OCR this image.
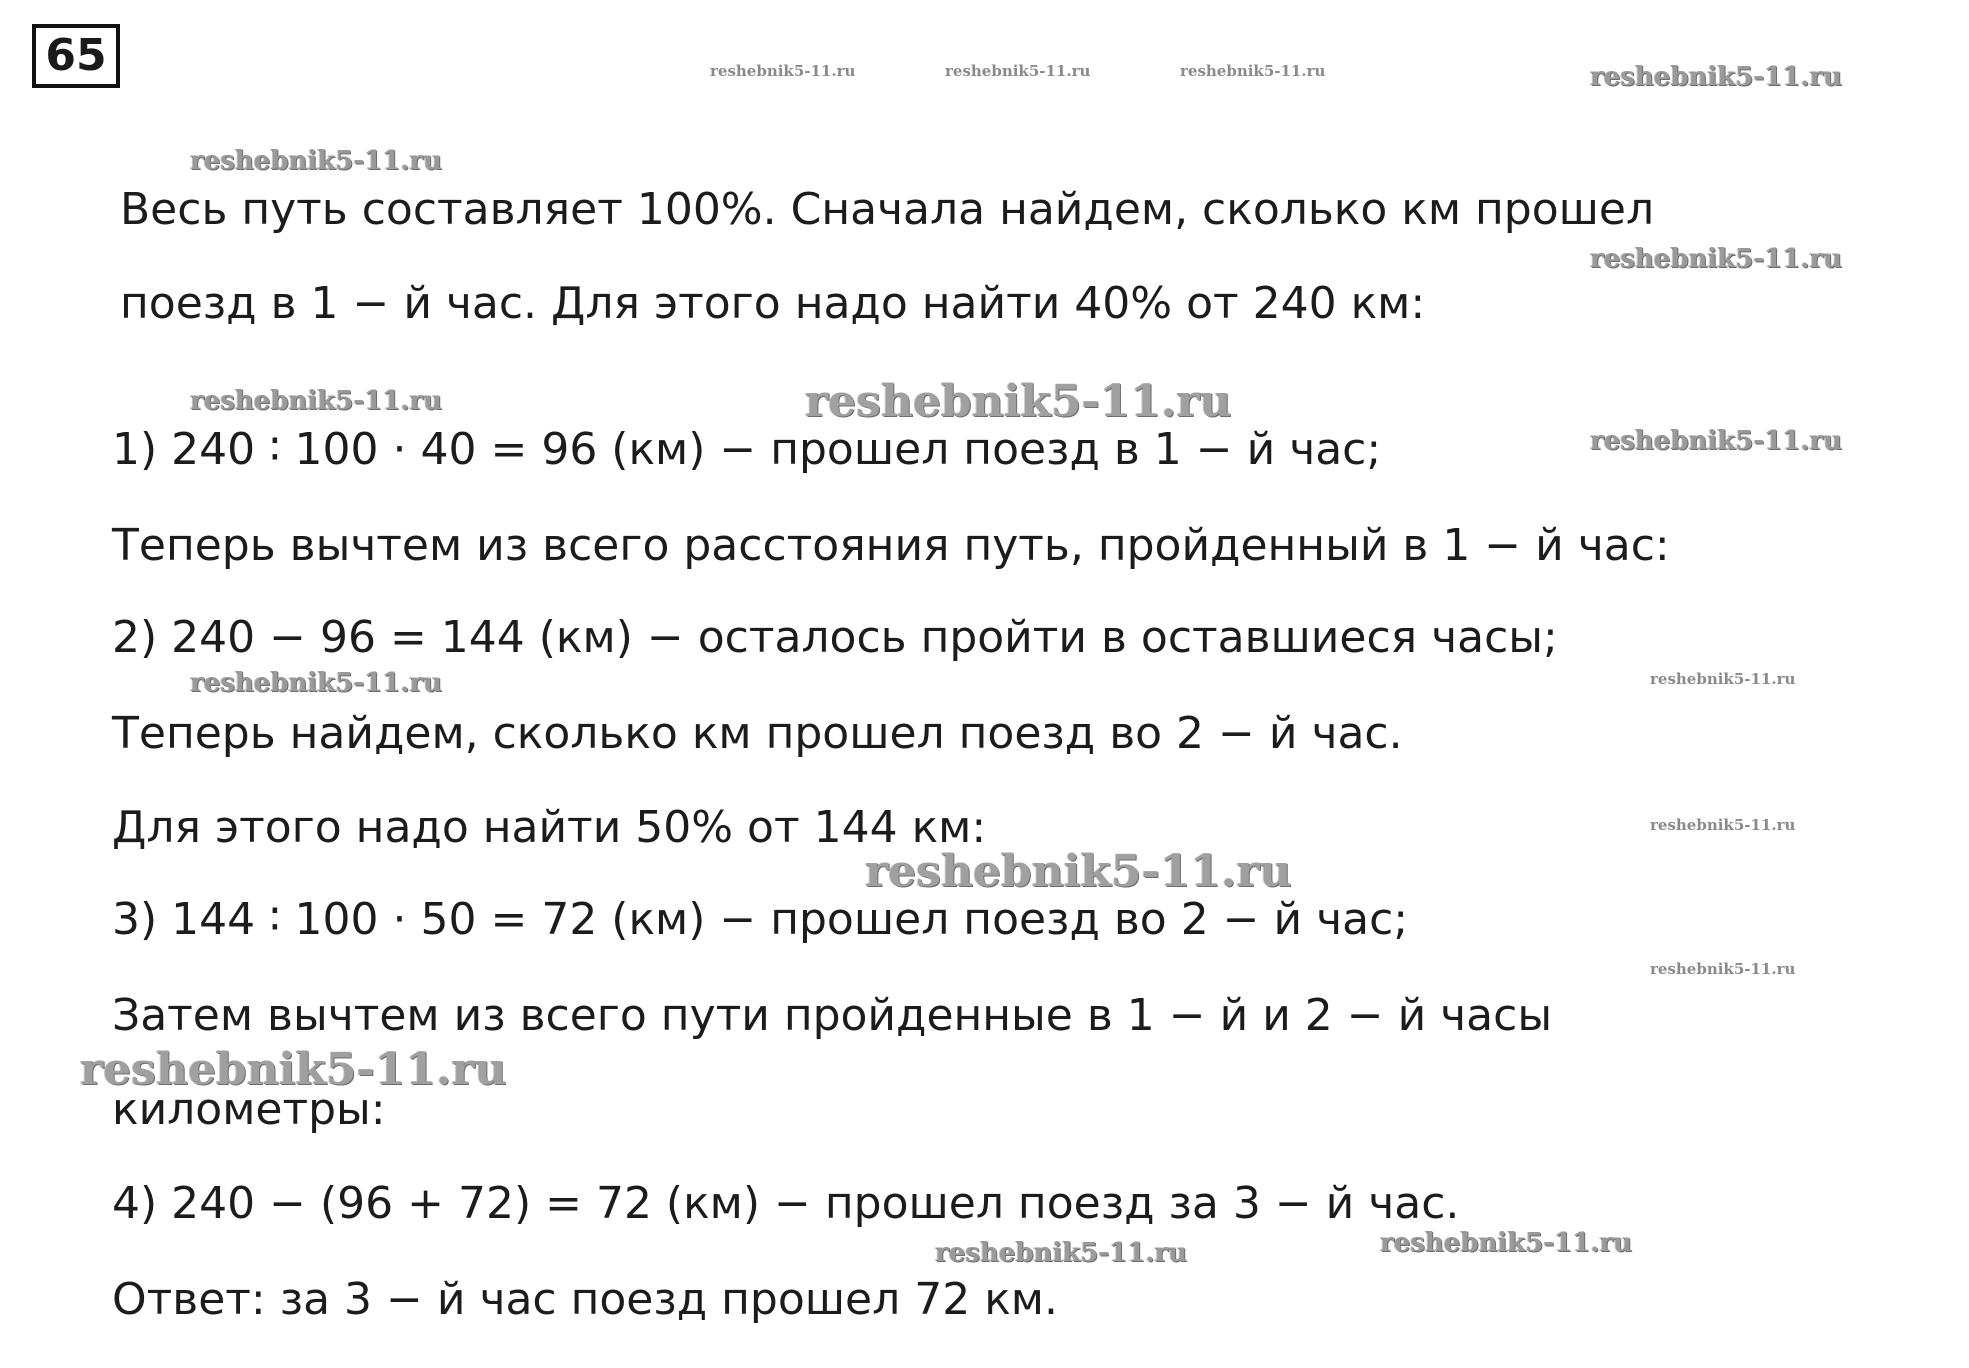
65	reshebnik5-11.ru	reshebnik5-11.ru	reshebnik5-11.ru	reshebnik5-11.ru
reshebnik5-11.ru
reshebnik5-11.ru
reshebnik5-11.ru	reshebnik5-11.ru
reshebnik5-11.ru
reshebnik5-11.ru	reshebnik5-11.ru
reshebnik5-11.ru
reshebnik5-11.ru
reshebnik5-11.ru
reshebnik5-11.ru
reshebnik5-11.ru	reshebnik5-11.ru
Весь путь составляет 100%. Сначала найдем, сколько км прошел
поезд в 1 − й час. Для этого надо найти 40% от 240 км:
1) 240 ∶ 100 · 40 = 96 (км) − прошел поезд в 1 − й час;
Теперь вычтем из всего расстояния путь, пройденный в 1 − й час:
2) 240 − 96 = 144 (км) − осталось пройти в оставшиеся часы;
Теперь найдем, сколько км прошел поезд во 2 − й час.
Для этого надо найти 50% от 144 км:
3) 144 ∶ 100 · 50 = 72 (км) − прошел поезд во 2 − й час;
Затем вычтем из всего пути пройденные в 1 − й и 2 − й часы
километры:
4) 240 − (96 + 72) = 72 (км) − прошел поезд за 3 − й час.
Ответ: за 3 − й час поезд прошел 72 км.
